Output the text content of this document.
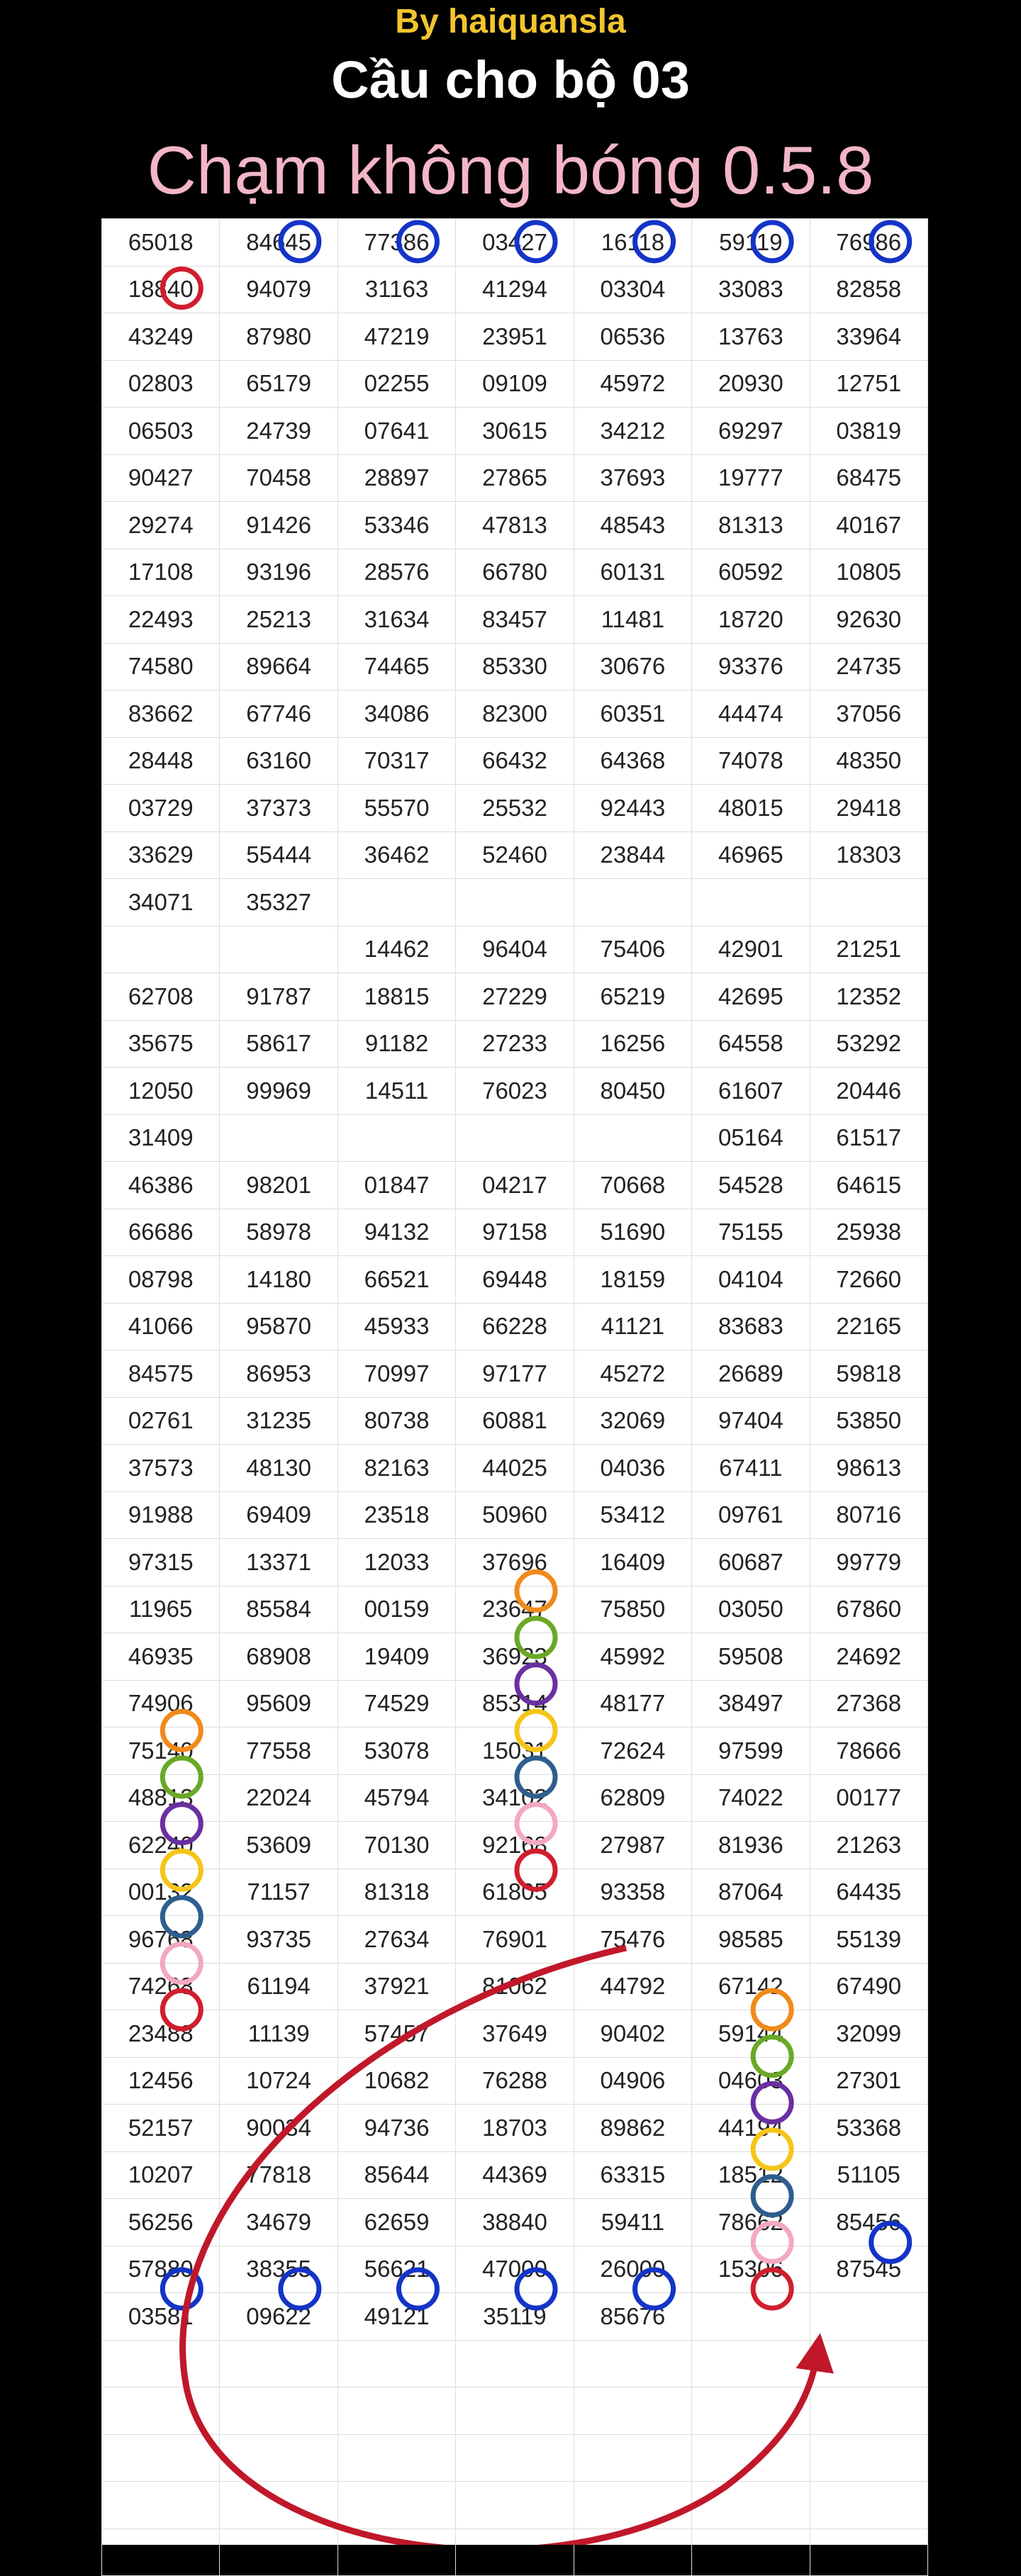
By haiquansla
Cầu cho bộ 03
Chạm không bóng 0.5.8
65018	84645	77386	03427	16118	59119	76986
18840	94079	31163	41294	03304	33083	82858
43249	87980	47219	23951	06536	13763	33964
02803	65179	02255	09109	45972	20930	12751
06503	24739	07641	30615	34212	69297	03819
90427	70458	28897	27865	37693	19777	68475
29274	91426	53346	47813	48543	81313	40167
17108	93196	28576	66780	60131	60592	10805
22493	25213	31634	83457	11481	18720	92630
74580	89664	74465	85330	30676	93376	24735
83662	67746	34086	82300	60351	44474	37056
28448	63160	70317	66432	64368	74078	48350
03729	37373	55570	25532	92443	48015	29418
33629	55444	36462	52460	23844	46965	18303
34071	35327					
		14462	96404	75406	42901	21251
62708	91787	18815	27229	65219	42695	12352
35675	58617	91182	27233	16256	64558	53292
12050	99969	14511	76023	80450	61607	20446
31409					05164	61517
46386	98201	01847	04217	70668	54528	64615
66686	58978	94132	97158	51690	75155	25938
08798	14180	66521	69448	18159	04104	72660
41066	95870	45933	66228	41121	83683	22165
84575	86953	70997	97177	45272	26689	59818
02761	31235	80738	60881	32069	97404	53850
37573	48130	82163	44025	04036	67411	98613
91988	69409	23518	50960	53412	09761	80716
97315	13371	12033	37696	16409	60687	99779
11965	85584	00159	23647	75850	03050	67860
46935	68908	19409	36923	45992	59508	24692
74906	95609	74529	85314	48177	38497	27368
75140	77558	53078	15031	72624	97599	78666
48813	22024	45794	34102	62809	74022	00177
62240	53609	70130	92168	27987	81936	21263
00132	71157	81318	61805	93358	87064	64435
96768	93735	27634	76901	75476	98585	55139
74268	61194	37921	81062	44792	67142	67490
23488	11139	57457	37649	90402	59144	32099
12456	10724	10682	76288	04906	04603	27301
52157	90034	94736	18703	89862	44194	53368
10207	77818	85644	44369	63315	18512	51105
56256	34679	62659	38840	59411	78662	85456
57880	38355	56621	47000	26000	15306	87545
03581	09622	49121	35119	85676		
